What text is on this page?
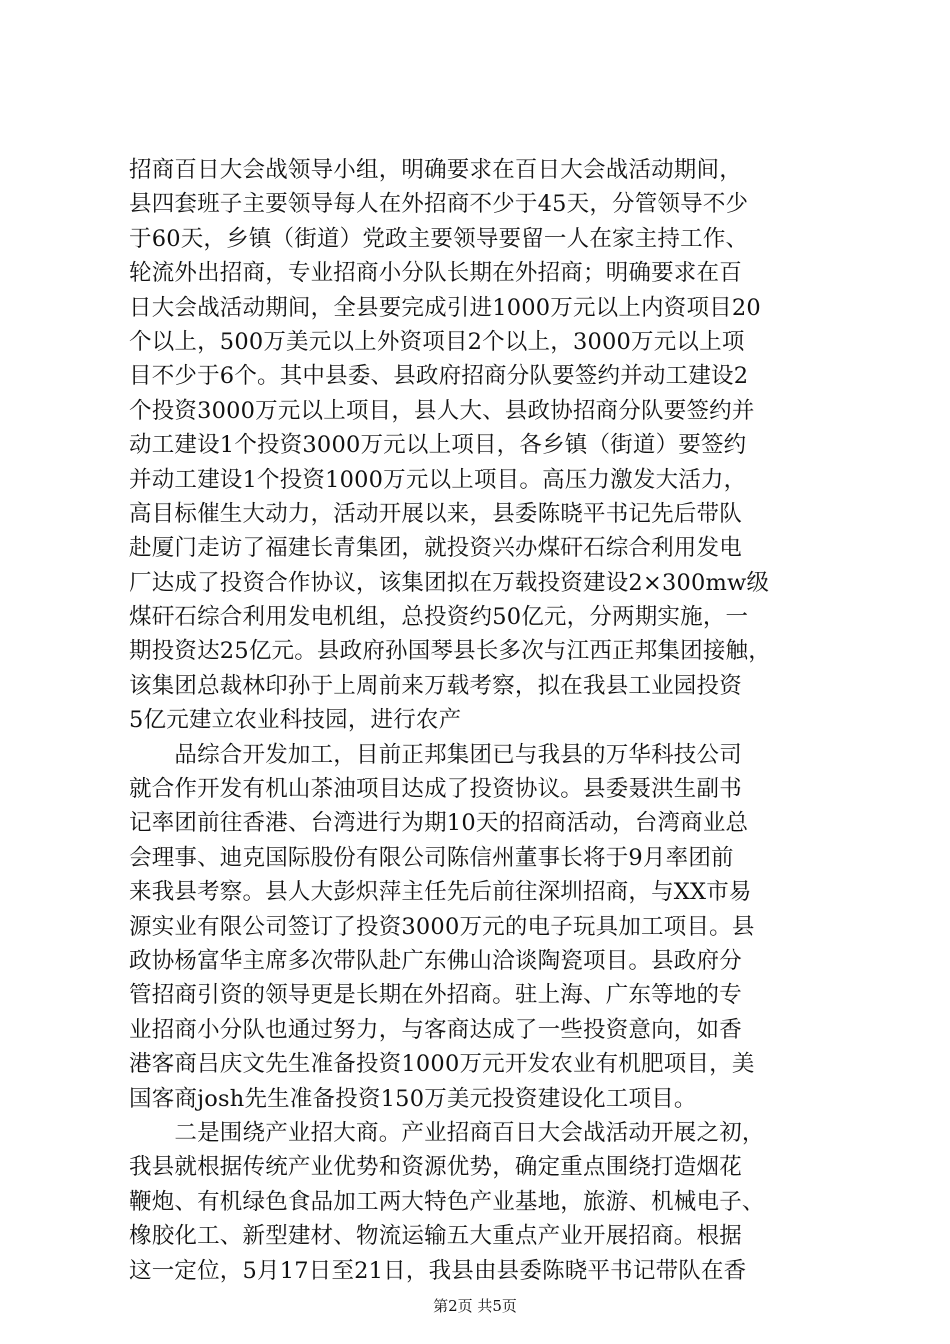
招商百日大会战领导小组，明确要求在百日大会战活动期间，
县四套班子主要领导每人在外招商不少于45天，分管领导不少
于60天，乡镇（街道）党政主要领导要留一人在家主持工作、
轮流外出招商，专业招商小分队长期在外招商；明确要求在百
日大会战活动期间，全县要完成引进1000万元以上内资项目20
个以上，500万美元以上外资项目2个以上，3000万元以上项
目不少于6个。其中县委、县政府招商分队要签约并动工建设2
个投资3000万元以上项目，县人大、县政协招商分队要签约并
动工建设1个投资3000万元以上项目，各乡镇（街道）要签约
并动工建设1个投资1000万元以上项目。高压力激发大活力，
高目标催生大动力，活动开展以来，县委陈晓平书记先后带队
赴厦门走访了福建长青集团，就投资兴办煤矸石综合利用发电
厂达成了投资合作协议，该集团拟在万载投资建设2×300mw级
煤矸石综合利用发电机组，总投资约50亿元，分两期实施，一
期投资达25亿元。县政府孙国琴县长多次与江西正邦集团接触，
该集团总裁林印孙于上周前来万载考察，拟在我县工业园投资
5亿元建立农业科技园，进行农产
　　品综合开发加工，目前正邦集团已与我县的万华科技公司
就合作开发有机山茶油项目达成了投资协议。县委聂洪生副书
记率团前往香港、台湾进行为期10天的招商活动，台湾商业总
会理事、迪克国际股份有限公司陈信州董事长将于9月率团前
来我县考察。县人大彭炽萍主任先后前往深圳招商，与XX市易
源实业有限公司签订了投资3000万元的电子玩具加工项目。县
政协杨富华主席多次带队赴广东佛山洽谈陶瓷项目。县政府分
管招商引资的领导更是长期在外招商。驻上海、广东等地的专
业招商小分队也通过努力，与客商达成了一些投资意向，如香
港客商吕庆文先生准备投资1000万元开发农业有机肥项目，美
国客商josh先生准备投资150万美元投资建设化工项目。
　　二是围绕产业招大商。产业招商百日大会战活动开展之初，
我县就根据传统产业优势和资源优势，确定重点围绕打造烟花
鞭炮、有机绿色食品加工两大特色产业基地，旅游、机械电子、
橡胶化工、新型建材、物流运输五大重点产业开展招商。根据
这一定位，5月17日至21日，我县由县委陈晓平书记带队在香
第2页 共5页
